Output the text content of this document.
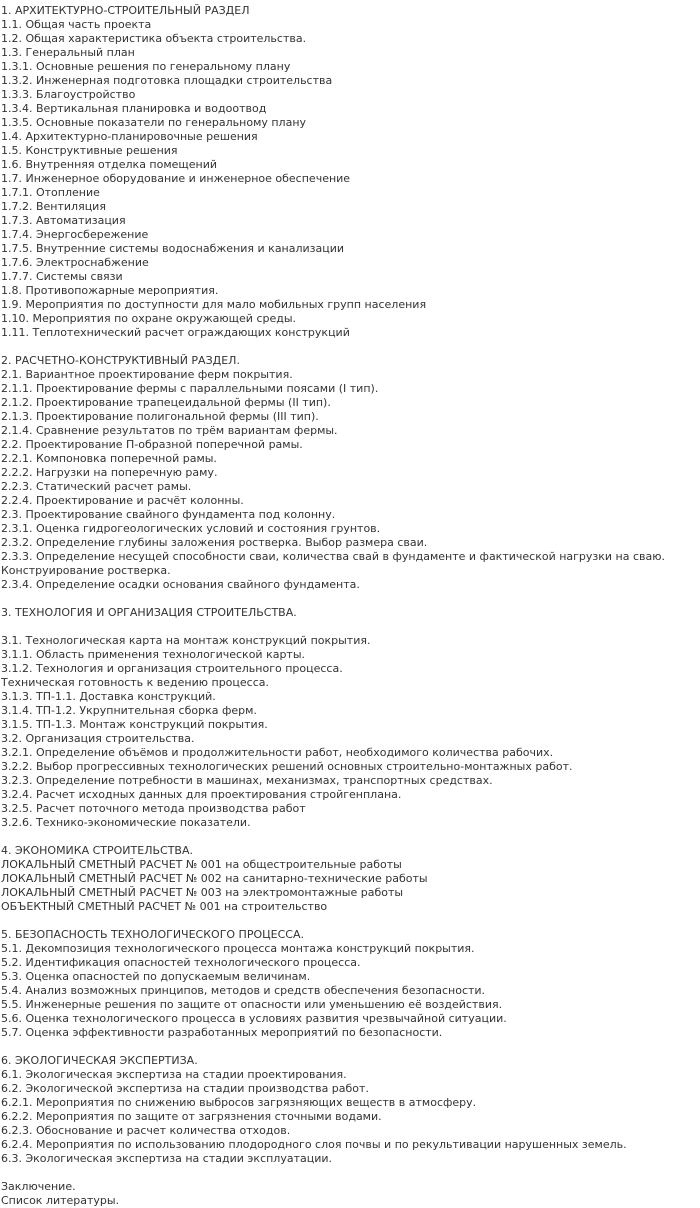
1. АРХИТЕКТУРНО-СТРОИТЕЛЬНЫЙ РАЗДЕЛ
1.1. Общая часть проекта
1.2. Общая характеристика объекта строительства.
1.3. Генеральный план
1.3.1. Основные решения по генеральному плану
1.3.2. Инженерная подготовка площадки строительства
1.3.3. Благоустройство
1.3.4. Вертикальная планировка и водоотвод
1.3.5. Основные показатели по генеральному плану
1.4. Архитектурно-планировочные решения
1.5. Конструктивные решения
1.6. Внутренняя отделка помещений
1.7. Инженерное оборудование и инженерное обеспечение
1.7.1. Отопление
1.7.2. Вентиляция
1.7.3. Автоматизация
1.7.4. Энергосбережение
1.7.5. Внутренние системы водоснабжения и канализации
1.7.6. Электроснабжение
1.7.7. Системы связи
1.8. Противопожарные мероприятия.
1.9. Мероприятия по доступности для мало мобильных групп населения
1.10. Мероприятия по охране окружающей среды.
1.11. Теплотехнический расчет ограждающих конструкций
2. РАСЧЕТНО-КОНСТРУКТИВНЫЙ РАЗДЕЛ.
2.1. Вариантное проектирование ферм покрытия.
2.1.1. Проектирование фермы с параллельными поясами (I тип).
2.1.2. Проектирование трапецеидальной фермы (II тип).
2.1.3. Проектирование полигональной фермы (III тип).
2.1.4. Сравнение результатов по трём вариантам фермы.
2.2. Проектирование П-образной поперечной рамы.
2.2.1. Компоновка поперечной рамы.
2.2.2. Нагрузки на поперечную раму.
2.2.3. Статический расчет рамы.
2.2.4. Проектирование и расчёт колонны.
2.3. Проектирование свайного фундамента под колонну.
2.3.1. Оценка гидрогеологических условий и состояния грунтов.
2.3.2. Определение глубины заложения ростверка. Выбор размера сваи.
2.3.3. Определение несущей способности сваи, количества свай в фундаменте и фактической нагрузки на сваю.
Конструирование ростверка.
2.3.4. Определение осадки основания свайного фундамента.
3. ТЕХНОЛОГИЯ И ОРГАНИЗАЦИЯ СТРОИТЕЛЬСТВА.
3.1. Технологическая карта на монтаж конструкций покрытия.
3.1.1. Область применения технологической карты.
3.1.2. Технология и организация строительного процесса.
Техническая готовность к ведению процесса.
3.1.3. ТП-1.1. Доставка конструкций.
3.1.4. ТП-1.2. Укрупнительная сборка ферм.
3.1.5. ТП-1.3. Монтаж конструкций покрытия.
3.2. Организация строительства.
3.2.1. Определение объёмов и продолжительности работ, необходимого количества рабочих.
3.2.2. Выбор прогрессивных технологических решений основных строительно-монтажных работ.
3.2.3. Определение потребности в машинах, механизмах, транспортных средствах.
3.2.4. Расчет исходных данных для проектирования стройгенплана.
3.2.5. Расчет поточного метода производства работ
3.2.6. Технико-экономические показатели.
4. ЭКОНОМИКА СТРОИТЕЛЬСТВА.
ЛОКАЛЬНЫЙ СМЕТНЫЙ РАСЧЕТ № 001 на общестроительные работы
ЛОКАЛЬНЫЙ СМЕТНЫЙ РАСЧЕТ № 002 на санитарно-технические работы
ЛОКАЛЬНЫЙ СМЕТНЫЙ РАСЧЕТ № 003 на электромонтажные работы
ОБЪЕКТНЫЙ СМЕТНЫЙ РАСЧЕТ № 001 на строительство
5. БЕЗОПАСНОСТЬ ТЕХНОЛОГИЧЕСКОГО ПРОЦЕССА.
5.1. Декомпозиция технологического процесса монтажа конструкций покрытия.
5.2. Идентификация опасностей технологического процесса.
5.3. Оценка опасностей по допускаемым величинам.
5.4. Анализ возможных принципов, методов и средств обеспечения безопасности.
5.5. Инженерные решения по защите от опасности или уменьшению её воздействия.
5.6. Оценка технологического процесса в условиях развития чрезвычайной ситуации.
5.7. Оценка эффективности разработанных мероприятий по безопасности.
6. ЭКОЛОГИЧЕСКАЯ ЭКСПЕРТИЗА.
6.1. Экологическая экспертиза на стадии проектирования.
6.2. Экологической экспертиза на стадии производства работ.
6.2.1. Мероприятия по снижению выбросов загрязняющих веществ в атмосферу.
6.2.2. Мероприятия по защите от загрязнения сточными водами.
6.2.3. Обоснование и расчет количества отходов.
6.2.4. Мероприятия по использованию плодородного слоя почвы и по рекультивации нарушенных земель.
6.3. Экологическая экспертиза на стадии эксплуатации.
Заключение.
Список литературы.
